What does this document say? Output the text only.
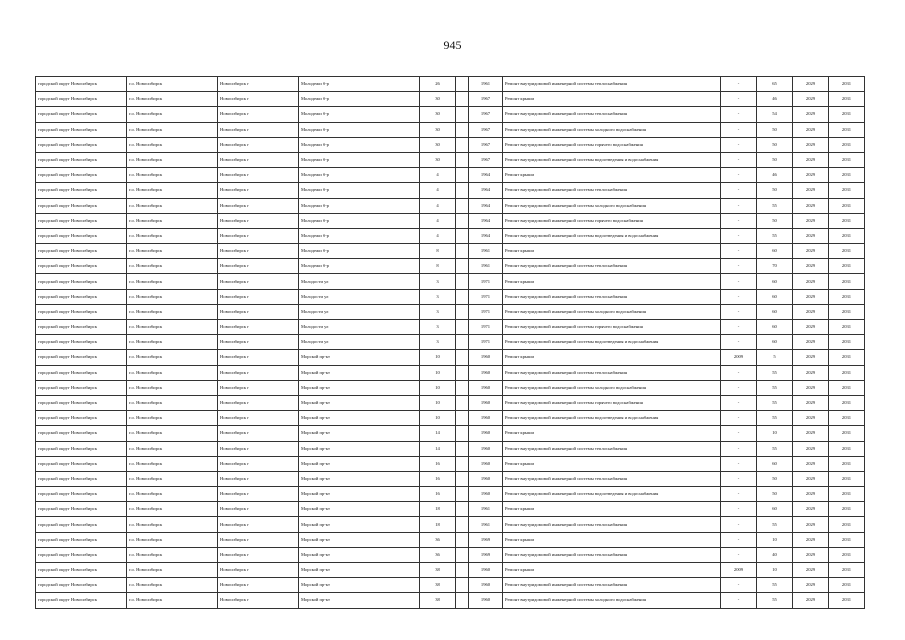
945
городской округ Новосибирск	г.о. Новосибирск	Новосибирск г	Молодежи б-р	26		1961	Ремонт внутридомовой инженерной системы теплоснабжения	-	65	2029	2031
городской округ Новосибирск	г.о. Новосибирск	Новосибирск г	Молодежи б-р	30		1967	Ремонт крыши	-	46	2029	2031
городской округ Новосибирск	г.о. Новосибирск	Новосибирск г	Молодежи б-р	30		1967	Ремонт внутридомовой инженерной системы теплоснабжения	-	54	2029	2031
городской округ Новосибирск	г.о. Новосибирск	Новосибирск г	Молодежи б-р	30		1967	Ремонт внутридомовой инженерной системы холодного водоснабжения	-	50	2029	2031
городской округ Новосибирск	г.о. Новосибирск	Новосибирск г	Молодежи б-р	30		1967	Ремонт внутридомовой инженерной системы горячего водоснабжения	-	50	2029	2031
городской округ Новосибирск	г.о. Новосибирск	Новосибирск г	Молодежи б-р	30		1967	Ремонт внутридомовой инженерной системы водоотведения и водоснабжения	-	50	2029	2031
городской округ Новосибирск	г.о. Новосибирск	Новосибирск г	Молодежи б-р	4		1964	Ремонт крыши	-	46	2029	2031
городской округ Новосибирск	г.о. Новосибирск	Новосибирск г	Молодежи б-р	4		1964	Ремонт внутридомовой инженерной системы теплоснабжения	-	50	2029	2031
городской округ Новосибирск	г.о. Новосибирск	Новосибирск г	Молодежи б-р	4		1964	Ремонт внутридомовой инженерной системы холодного водоснабжения	-	55	2029	2031
городской округ Новосибирск	г.о. Новосибирск	Новосибирск г	Молодежи б-р	4		1964	Ремонт внутридомовой инженерной системы горячего водоснабжения	-	50	2029	2031
городской округ Новосибирск	г.о. Новосибирск	Новосибирск г	Молодежи б-р	4		1964	Ремонт внутридомовой инженерной системы водоотведения и водоснабжения	-	55	2029	2031
городской округ Новосибирск	г.о. Новосибирск	Новосибирск г	Молодежи б-р	8		1961	Ремонт крыши	-	60	2029	2031
городской округ Новосибирск	г.о. Новосибирск	Новосибирск г	Молодежи б-р	8		1961	Ремонт внутридомовой инженерной системы теплоснабжения	-	70	2029	2031
городской округ Новосибирск	г.о. Новосибирск	Новосибирск г	Молодости ул	3		1971	Ремонт крыши	-	60	2029	2031
городской округ Новосибирск	г.о. Новосибирск	Новосибирск г	Молодости ул	3		1971	Ремонт внутридомовой инженерной системы теплоснабжения	-	60	2029	2031
городской округ Новосибирск	г.о. Новосибирск	Новосибирск г	Молодости ул	3		1971	Ремонт внутридомовой инженерной системы холодного водоснабжения	-	60	2029	2031
городской округ Новосибирск	г.о. Новосибирск	Новосибирск г	Молодости ул	3		1971	Ремонт внутридомовой инженерной системы горячего водоснабжения	-	60	2029	2031
городской округ Новосибирск	г.о. Новосибирск	Новосибирск г	Молодости ул	3		1971	Ремонт внутридомовой инженерной системы водоотведения и водоснабжения	-	60	2029	2031
городской округ Новосибирск	г.о. Новосибирск	Новосибирск г	Морской пр-кт	10		1960	Ремонт крыши	2009	5	2029	2031
городской округ Новосибирск	г.о. Новосибирск	Новосибирск г	Морской пр-кт	10		1960	Ремонт внутридомовой инженерной системы теплоснабжения	-	55	2029	2031
городской округ Новосибирск	г.о. Новосибирск	Новосибирск г	Морской пр-кт	10		1960	Ремонт внутридомовой инженерной системы холодного водоснабжения	-	55	2029	2031
городской округ Новосибирск	г.о. Новосибирск	Новосибирск г	Морской пр-кт	10		1960	Ремонт внутридомовой инженерной системы горячего водоснабжения	-	55	2029	2031
городской округ Новосибирск	г.о. Новосибирск	Новосибирск г	Морской пр-кт	10		1960	Ремонт внутридомовой инженерной системы водоотведения и водоснабжения	-	55	2029	2031
городской округ Новосибирск	г.о. Новосибирск	Новосибирск г	Морской пр-кт	14		1960	Ремонт крыши	-	10	2029	2031
городской округ Новосибирск	г.о. Новосибирск	Новосибирск г	Морской пр-кт	14		1960	Ремонт внутридомовой инженерной системы теплоснабжения	-	55	2029	2031
городской округ Новосибирск	г.о. Новосибирск	Новосибирск г	Морской пр-кт	16		1960	Ремонт крыши	-	60	2029	2031
городской округ Новосибирск	г.о. Новосибирск	Новосибирск г	Морской пр-кт	16		1960	Ремонт внутридомовой инженерной системы теплоснабжения	-	50	2029	2031
городской округ Новосибирск	г.о. Новосибирск	Новосибирск г	Морской пр-кт	16		1960	Ремонт внутридомовой инженерной системы водоотведения и водоснабжения	-	50	2029	2031
городской округ Новосибирск	г.о. Новосибирск	Новосибирск г	Морской пр-кт	18		1961	Ремонт крыши	-	60	2029	2031
городской округ Новосибирск	г.о. Новосибирск	Новосибирск г	Морской пр-кт	18		1961	Ремонт внутридомовой инженерной системы теплоснабжения	-	55	2029	2031
городской округ Новосибирск	г.о. Новосибирск	Новосибирск г	Морской пр-кт	36		1969	Ремонт крыши	-	10	2029	2031
городской округ Новосибирск	г.о. Новосибирск	Новосибирск г	Морской пр-кт	36		1969	Ремонт внутридомовой инженерной системы теплоснабжения	-	40	2029	2031
городской округ Новосибирск	г.о. Новосибирск	Новосибирск г	Морской пр-кт	38		1960	Ремонт крыши	2009	10	2029	2031
городской округ Новосибирск	г.о. Новосибирск	Новосибирск г	Морской пр-кт	38		1960	Ремонт внутридомовой инженерной системы теплоснабжения	-	55	2029	2031
городской округ Новосибирск	г.о. Новосибирск	Новосибирск г	Морской пр-кт	38		1960	Ремонт внутридомовой инженерной системы холодного водоснабжения	-	55	2029	2031
